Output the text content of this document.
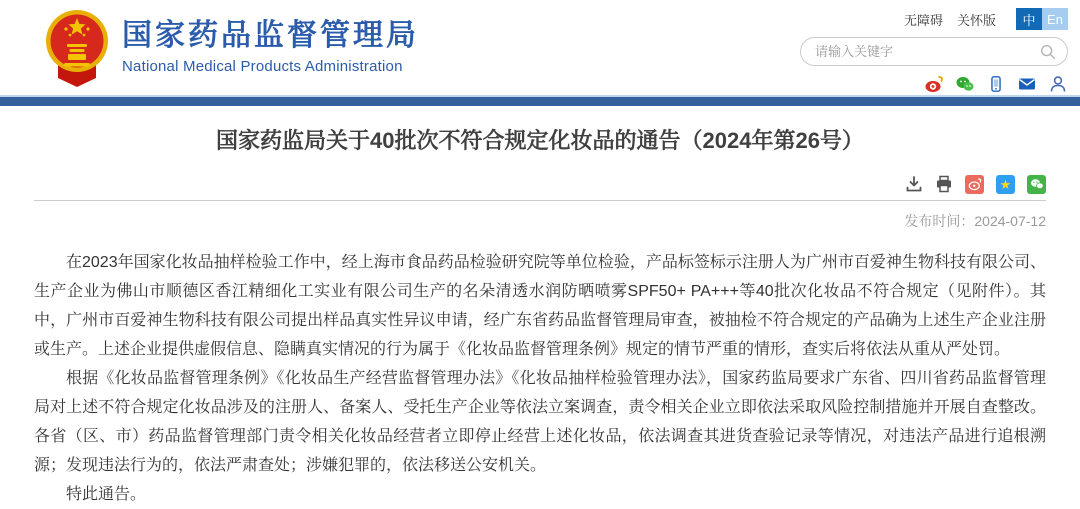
国家药品监督管理局
National Medical Products Administration
无障碍 关怀版	中 En
请输入关键字
国家药监局关于40批次不符合规定化妆品的通告（2024年第26号）
★
发布时间：2024-07-12

在2023年国家化妆品抽样检验工作中，经上海市食品药品检验研究院等单位检验，产品标签标示注册人为广州市百爱神生物科技有限公司、生产企业为佛山市顺德区香江精细化工实业有限公司生产的名朵清透水润防晒喷雾SPF50+ PA+++等40批次化妆品不符合规定（见附件）。其中，广州市百爱神生物科技有限公司提出样品真实性异议申请，经广东省药品监督管理局审查，被抽检不符合规定的产品确为上述生产企业注册或生产。上述企业提供虚假信息、隐瞒真实情况的行为属于《化妆品监督管理条例》规定的情节严重的情形，查实后将依法从重从严处罚。

根据《化妆品监督管理条例》《化妆品生产经营监督管理办法》《化妆品抽样检验管理办法》，国家药监局要求广东省、四川省药品监督管理局对上述不符合规定化妆品涉及的注册人、备案人、受托生产企业等依法立案调查，责令相关企业立即依法采取风险控制措施并开展自查整改。各省（区、市）药品监督管理部门责令相关化妆品经营者立即停止经营上述化妆品，依法调查其进货查验记录等情况，对违法产品进行追根溯源；发现违法行为的，依法严肃查处；涉嫌犯罪的，依法移送公安机关。

特此通告。
